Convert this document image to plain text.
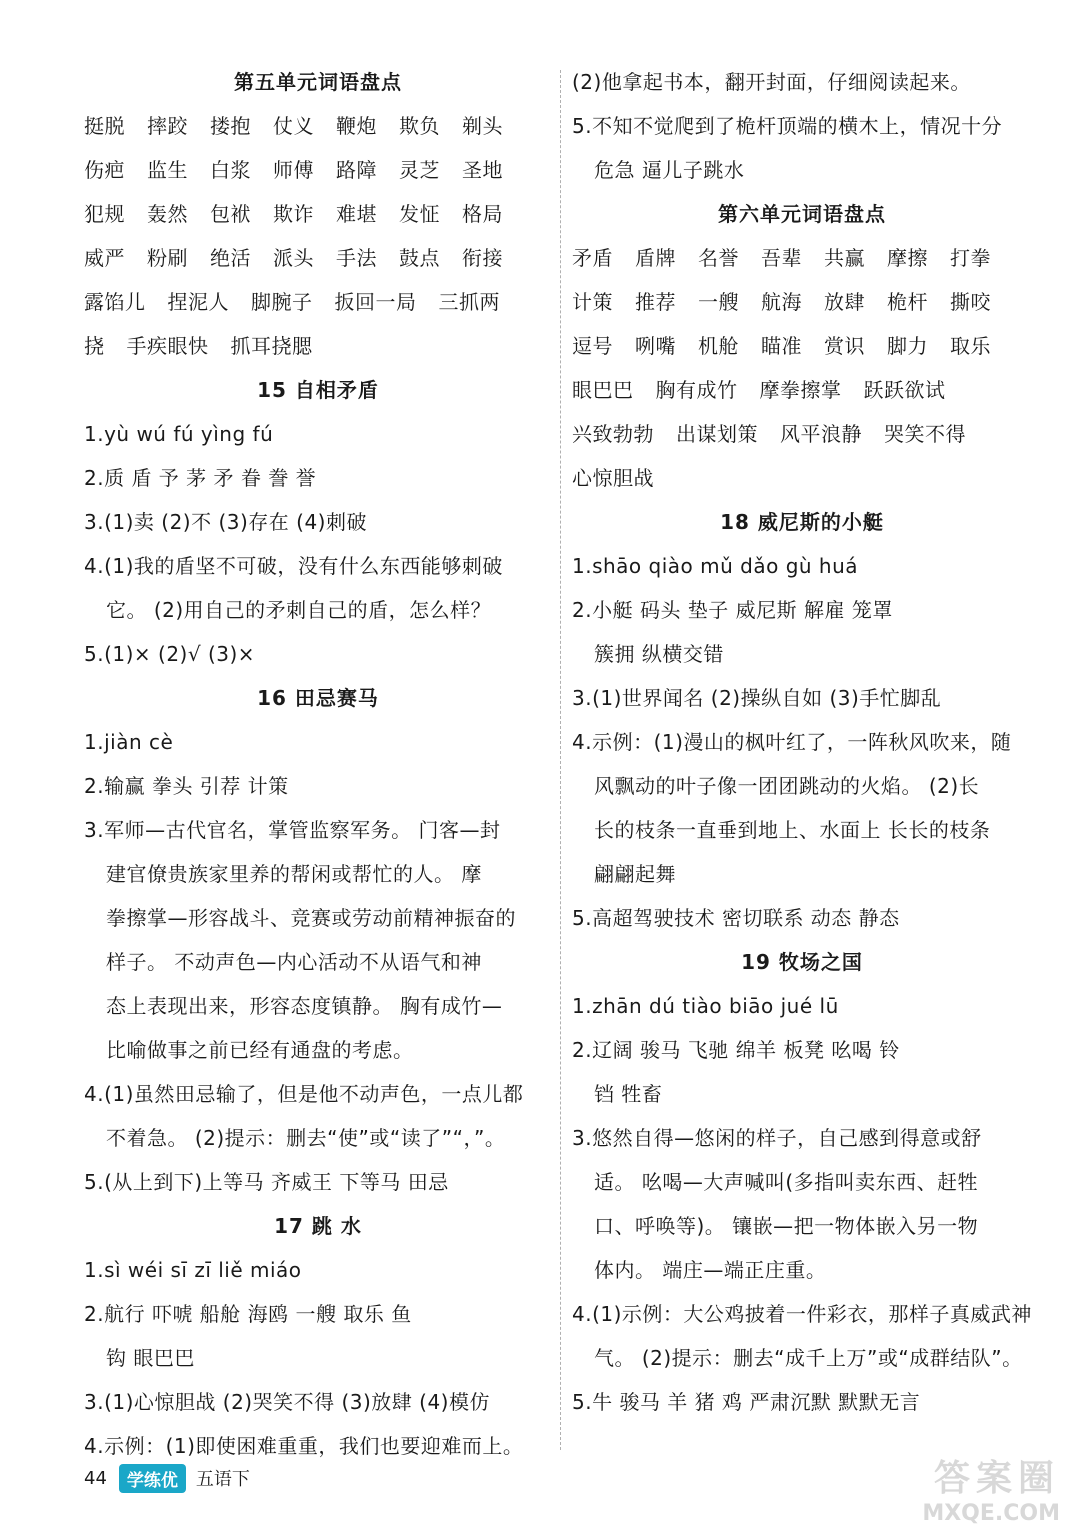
第五单元词语盘点
挺脱 摔跤 搂抱 仗义 鞭炮 欺负 剃头
伤疤 监生 白浆 师傅 路障 灵芝 圣地
犯规 轰然 包袱 欺诈 难堪 发怔 格局
威严 粉刷 绝活 派头 手法 鼓点 衔接
露馅儿 捏泥人 脚腕子 扳回一局 三抓两
挠 手疾眼快 抓耳挠腮
15 自相矛盾
1.yù wú fú yìng fú
2.质 盾 予 茅 矛 眷 誊 誉
3.(1)卖 (2)不 (3)存在 (4)刺破
4.(1)我的盾坚不可破，没有什么东西能够刺破
它。 (2)用自己的矛刺自己的盾，怎么样？
5.(1)× (2)√ (3)×
16 田忌赛马
1.jiàn cè
2.输赢 拳头 引荐 计策
3.军师—古代官名，掌管监察军务。 门客—封
建官僚贵族家里养的帮闲或帮忙的人。 摩
拳擦掌—形容战斗、竞赛或劳动前精神振奋的
样子。 不动声色—内心活动不从语气和神
态上表现出来，形容态度镇静。 胸有成竹—
比喻做事之前已经有通盘的考虑。
4.(1)虽然田忌输了，但是他不动声色，一点儿都
不着急。 (2)提示：删去“使”或“读了”“，”。
5.(从上到下)上等马 齐威王 下等马 田忌
17 跳 水
1.sì wéi sī zī liě miáo
2.航行 吓唬 船舱 海鸥 一艘 取乐 鱼
钩 眼巴巴
3.(1)心惊胆战 (2)哭笑不得 (3)放肆 (4)模仿
4.示例：(1)即使困难重重，我们也要迎难而上。
(2)他拿起书本，翻开封面，仔细阅读起来。
5.不知不觉爬到了桅杆顶端的横木上，情况十分
危急 逼儿子跳水
第六单元词语盘点
矛盾 盾牌 名誉 吾辈 共赢 摩擦 打拳
计策 推荐 一艘 航海 放肆 桅杆 撕咬
逗号 咧嘴 机舱 瞄准 赏识 脚力 取乐
眼巴巴 胸有成竹 摩拳擦掌 跃跃欲试
兴致勃勃 出谋划策 风平浪静 哭笑不得
心惊胆战
18 威尼斯的小艇
1.shāo qiào mǔ dǎo gù huá
2.小艇 码头 垫子 威尼斯 解雇 笼罩
簇拥 纵横交错
3.(1)世界闻名 (2)操纵自如 (3)手忙脚乱
4.示例：(1)漫山的枫叶红了，一阵秋风吹来，随
风飘动的叶子像一团团跳动的火焰。 (2)长
长的枝条一直垂到地上、水面上 长长的枝条
翩翩起舞
5.高超驾驶技术 密切联系 动态 静态
19 牧场之国
1.zhān dú tiào biāo jué lū
2.辽阔 骏马 飞驰 绵羊 板凳 吆喝 铃
铛 牲畜
3.悠然自得—悠闲的样子，自己感到得意或舒
适。 吆喝—大声喊叫(多指叫卖东西、赶牲
口、呼唤等)。 镶嵌—把一物体嵌入另一物
体内。 端庄—端正庄重。
4.(1)示例：大公鸡披着一件彩衣，那样子真威武神
气。 (2)提示：删去“成千上万”或“成群结队”。
5.牛 骏马 羊 猪 鸡 严肃沉默 默默无言
44	学练优	五语下	答案圈
MXQE.COM
